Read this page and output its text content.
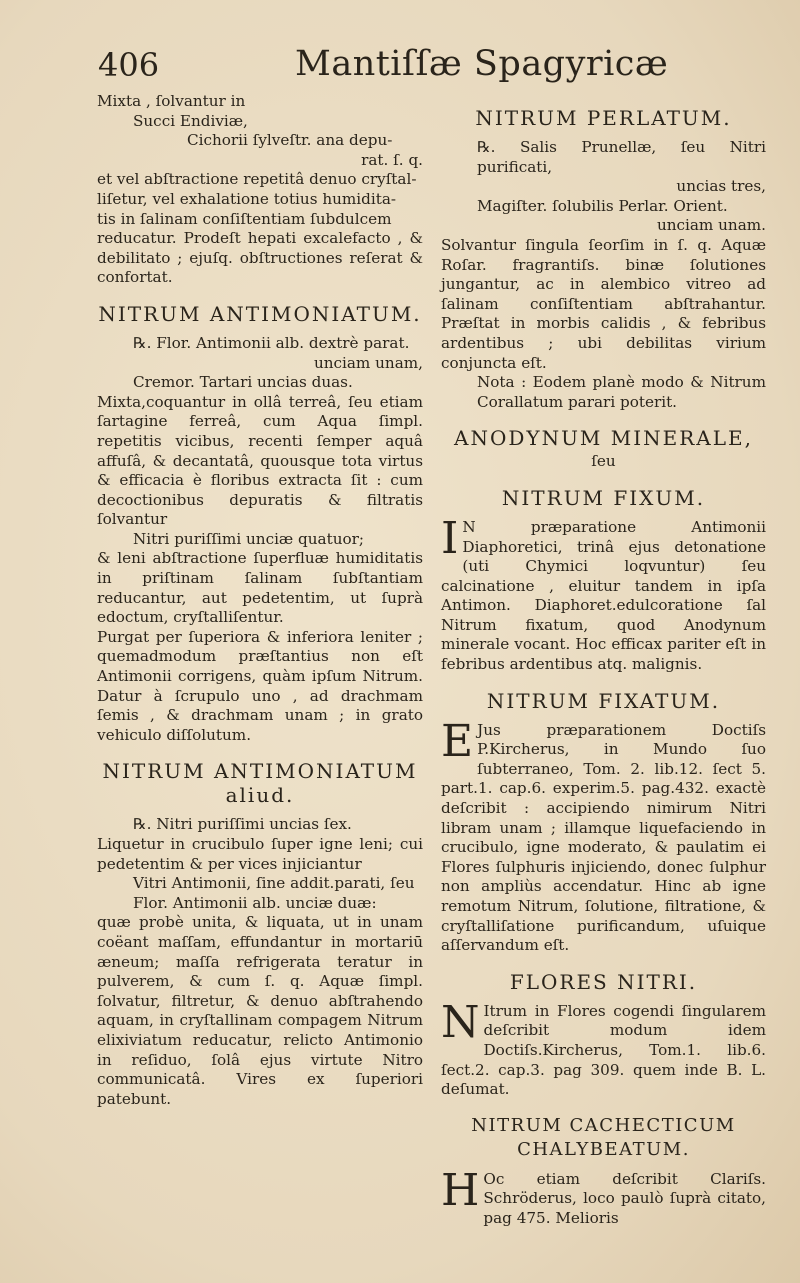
406	Mantiſſæ Spagyricæ
Mixta , ſolvantur in
Succi Endiviæ,
Cichorii ſylveſtr. ana depu-
rat. ſ. q.
et vel abſtractione repetitâ denuo cryſtal-
liſetur, vel exhalatione totius humidita-
tis in ſalinam conſiſtentiam ſubdulcem
reducatur. Prodeſt hepati excalefacto , & debilitato ; ejuſq. obſtructiones reſerat & confortat.
NITRUM ANTIMONIATUM.
℞. Flor. Antimonii alb. dextrè parat.
unciam unam,
Cremor. Tartari uncias duas.
Mixta,coquantur in ollâ terreâ, ſeu etiam ſartagine ferreâ, cum Aqua ſimpl. repetitis vicibus, recenti ſemper aquâ affuſâ, & decantatâ, quousque tota virtus & efficacia è floribus extracta ſit : cum decoctionibus depuratis & filtratis ſolvantur
Nitri puriſſimi unciæ quatuor;
& leni abſtractione ſuperfluæ humiditatis in priſtinam ſalinam ſubſtantiam reducantur, aut pedetentim, ut ſuprà edoctum, cryſtalliſentur.
Purgat per ſuperiora & inferiora leniter ; quemadmodum præſtantius non eſt Antimonii corrigens, quàm ipſum Nitrum. Datur à ſcrupulo uno , ad drachmam ſemis , & drachmam unam ; in grato vehiculo diſſolutum.
NITRUM ANTIMONIATUM aliud.
℞. Nitri puriſſimi uncias ſex.
Liquetur in crucibulo ſuper igne leni; cui pedetentim & per vices injiciantur
Vitri Antimonii, ſine addit.parati, ſeu
Flor. Antimonii alb. unciæ duæ:
quæ probè unita, & liquata, ut in unam coëant maſſam, effundantur in mortariū æneum; maſſa refrigerata teratur in pulverem, & cum ſ. q. Aquæ ſimpl. ſolvatur, filtretur, & denuo abſtrahendo aquam, in cryſtallinam compagem Nitrum elixiviatum reducatur, relicto Antimonio in reſiduo, ſolâ ejus virtute Nitro communicatâ. Vires ex ſuperiori patebunt.
NITRUM PERLATUM.
℞. Salis Prunellæ, ſeu Nitri purificati,
uncias tres,
Magiſter. ſolubilis Perlar. Orient.
unciam unam.
Solvantur ſingula ſeorſim in ſ. q. Aquæ Roſar. fragrantiſs. binæ ſolutiones jungantur, ac in alembico vitreo ad ſalinam conſiſtentiam abſtrahantur. Præſtat in morbis calidis , & febribus ardentibus ; ubi debilitas virium conjuncta eſt.
Nota : Eodem planè modo & Nitrum Corallatum parari poterit.
ANODYNUM MINERALE,
ſeu
NITRUM FIXUM.
I N præparatione Antimonii Diaphoretici, trinâ ejus detonatione (uti Chymici loqvuntur) ſeu calcinatione , eluitur tandem in ipſa Antimon. Diaphoret.edulcoratione ſal Nitrum fixatum, quod Anodynum minerale vocant. Hoc efficax pariter eſt in febribus ardentibus atq. malignis.
NITRUM FIXATUM.
E Jus præparationem Doctiſs P.Kircherus, in Mundo ſuo ſubterraneo, Tom. 2. lib.12. ſect 5. part.1. cap.6. experim.5. pag.432. exactè deſcribit : accipiendo nimirum Nitri libram unam ; illamque liquefaciendo in crucibulo, igne moderato, & paulatim ei Flores ſulphuris injiciendo, donec ſulphur non ampliùs accendatur. Hinc ab igne remotum Nitrum, ſolutione, filtratione, & cryſtalliſatione purificandum, uſuique aſſervandum eſt.
FLORES NITRI.
N Itrum in Flores cogendi ſingularem deſcribit modum idem Doctiſs.Kircherus, Tom.1. lib.6. ſect.2. cap.3. pag 309. quem inde B. L. deſumat.
NITRUM CACHECTICUM CHALYBEATUM.
H Oc etiam deſcribit Clariſs. Schröderus, loco paulò ſuprà citato, pag 475. Melioris
